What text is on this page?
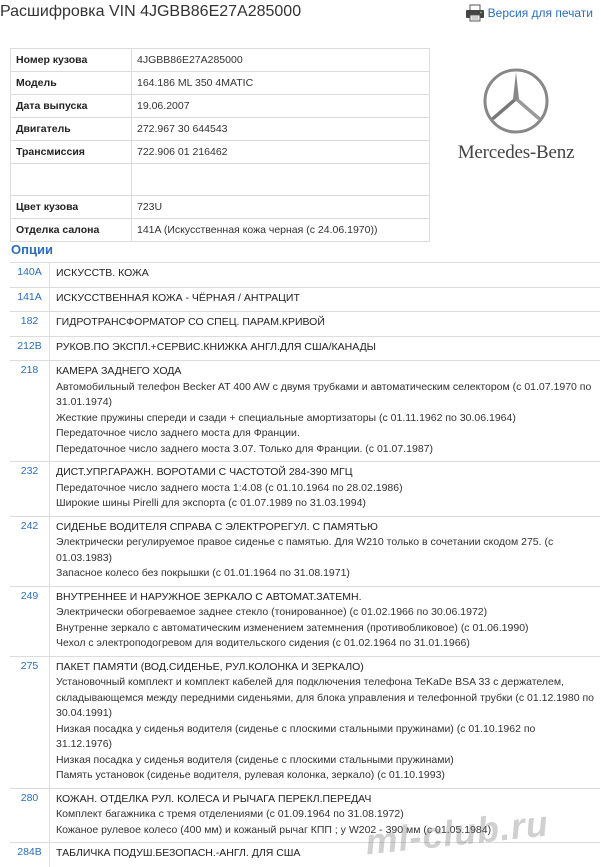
Расшифровка VIN 4JGBB86E27A285000	Версия для печати
Номер кузова	4JGBB86E27A285000
Модель	164.186 ML 350 4MATIC
Дата выпуска	19.06.2007
Двигатель	272.967 30 644543
Трансмиссия	722.906 01 216462

Цвет кузова	723U
Отделка салона	141A (Искусственная кожа черная (с 24.06.1970))
Mercedes-Benz
Опции
140A	ИСКУССТВ. КОЖА
141A	ИСКУССТВЕННАЯ КОЖА - ЧЁРНАЯ / АНТРАЦИТ
182	ГИДРОТРАНСФОРМАТОР СО СПЕЦ. ПАРАМ.КРИВОЙ
212B	РУКОВ.ПО ЭКСПЛ.+СЕРВИС.КНИЖКА АНГЛ.ДЛЯ США/КАНАДЫ
218	КАМЕРА ЗАДНЕГО ХОДА
Автомобильный телефон Becker AT 400 AW с двумя трубками и автоматическим селектором (с 01.07.1970 по 31.01.1974)
Жесткие пружины спереди и сзади + специальные амортизаторы (с 01.11.1962 по 30.06.1964)
Передаточное число заднего моста для Франции.
Передаточное число заднего моста 3.07. Только для Франции. (с 01.07.1987)
232	ДИСТ.УПР.ГАРАЖН. ВОРОТАМИ С ЧАСТОТОЙ 284-390 МГЦ
Передаточное число заднего моста 1:4.08 (с 01.10.1964 по 28.02.1986)
Широкие шины Pirelli для экспорта (с 01.07.1989 по 31.03.1994)
242	СИДЕНЬЕ ВОДИТЕЛЯ СПРАВА С ЭЛЕКТРОРЕГУЛ. С ПАМЯТЬЮ
Электрически регулируемое правое сиденье с памятью. Для W210 только в сочетании скодом 275. (с 01.03.1983)
Запасное колесо без покрышки (с 01.01.1964 по 31.08.1971)
249	ВНУТРЕННЕЕ И НАРУЖНОЕ ЗЕРКАЛО С АВТОМАТ.ЗАТЕМН.
Электрически обогреваемое заднее стекло (тонированное) (с 01.02.1966 по 30.06.1972)
Внутренне зеркало с автоматическим изменением затемнения (противобликовое) (с 01.06.1990)
Чехол с электроподогревом для водительского сидения (с 01.02.1964 по 31.01.1966)
275	ПАКЕТ ПАМЯТИ (ВОД.СИДЕНЬЕ, РУЛ.КОЛОНКА И ЗЕРКАЛО)
Установочный комплект и комплект кабелей для подключения телефона TeKaDe BSA 33 с держателем, складывающемся между передними сиденьями, для блока управления и телефонной трубки (с 01.12.1980 по 30.04.1991)
Низкая посадка у сиденья водителя (сиденье с плоскими стальными пружинами) (с 01.10.1962 по 31.12.1976)
Низкая посадка у сиденья водителя (сиденье с плоскими стальными пружинами)
Память установок (сиденье водителя, рулевая колонка, зеркало) (с 01.10.1993)
280	КОЖАН. ОТДЕЛКА РУЛ. КОЛЕСА И РЫЧАГА ПЕРЕКЛ.ПЕРЕДАЧ
Комплект багажника с тремя отделениями (с 01.09.1964 по 31.08.1972)
Кожаное рулевое колесо (400 мм) и кожаный рычаг КПП ; у W202 - 390 мм (с 01.05.1984)
284B	ТАБЛИЧКА ПОДУШ.БЕЗОПАСН.-АНГЛ. ДЛЯ США	ml-club.ru
